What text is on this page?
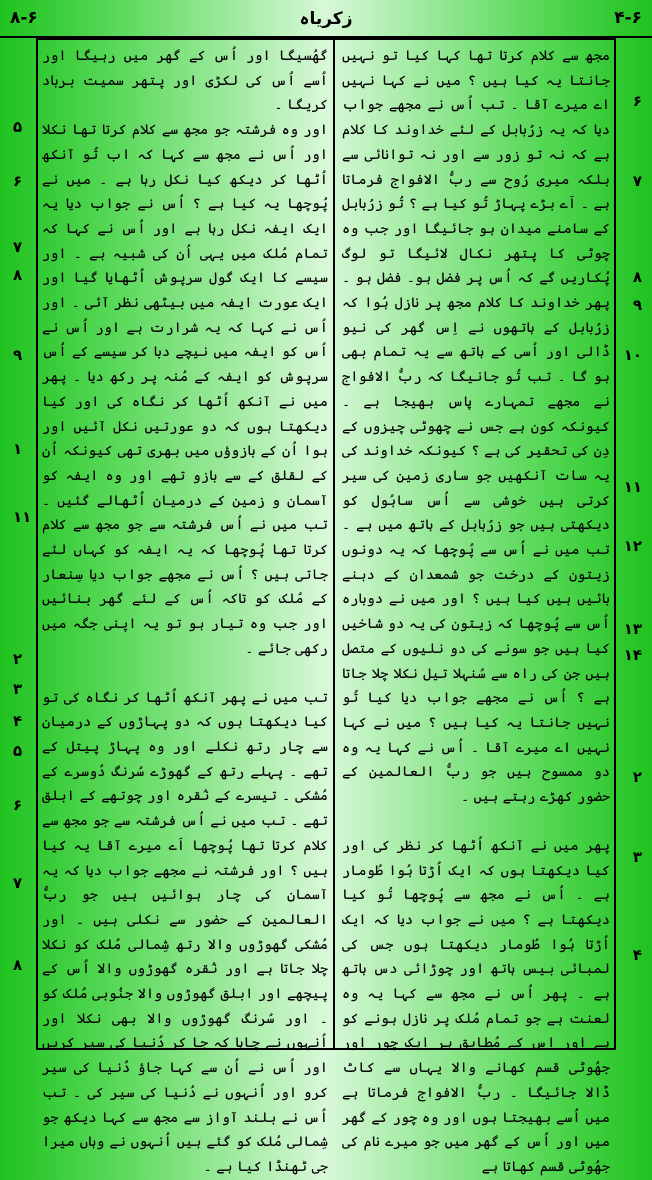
۸-۶	زکریاہ	۴-۶

مجھ سے کلام کرتا تھا کہا کیا تو نہیں جانتا یہ کیا ہیں ؟ میں نے کہا نہیں اے میرے آقا ۔ تب اُس نے مجھے جواب دیا کہ یہ زرُبابل کے لئے خداوند کا کلام ہے کہ نہ تو زور سے اور نہ توانائی سے بلکہ میری رُوح سے ربُّ الافواج فرماتا ہے ۔ اَے بڑے پہاڑ تُو کیا ہے ؟ تُو زرُبابل کے سامنے میدان ہو جائیگا اور جب وہ چوٹی کا پتھر نکال لائیگا تو لوگ پُکاریں گے کہ اُس پر فضل ہو۔ فضل ہو ۔ پھر خداوند کا کلام مجھ پر نازل ہُوا کہ زرُبابل کے ہاتھوں نے اِس گھر کی نیو ڈالی اور اُسی کے ہاتھ سے یہ تمام بھی ہو گا ۔ تب تُو جانیگا کہ ربُّ الافواج نے مجھے تمہارے پاس بھیجا ہے ۔ کیونکہ کون ہے جس نے چھوٹی چیزوں کے دِن کی تحقیر کی ہے ؟ کیونکہ خداوند کی یہ سات آنکھیں جو ساری زمین کی سیر کرتی ہیں خوشی سے اُس ساہُول کو دیکھتی ہیں جو زرُبابل کے ہاتھ میں ہے ۔ تب میں نے اُس سے پُوچھا کہ یہ دونوں زیتون کے درخت جو شمعدان کے دہنے بائیں ہیں کیا ہیں ؟ اور میں نے دوبارہ اُس سے پُوچھا کہ زیتون کی یہ دو شاخیں کیا ہیں جو سونے کی دو نلیوں کے متصل ہیں جن کی راہ سے سُنہلا تیل نکلا چلا جاتا ہے ؟ اُس نے مجھے جواب دیا کیا تُو نہیں جانتا یہ کیا ہیں ؟ میں نے کہا نہیں اے میرے آقا ۔ اُس نے کہا یہ وہ دو ممسوح ہیں جو ربُّ العالمین کے حضور کھڑے رہتے ہیں ۔

پھر میں نے آنکھ اُٹھا کر نظر کی اور کیا دیکھتا ہوں کہ ایک اُڑتا ہُوا طُومار ہے ۔ اُس نے مجھ سے پُوچھا تُو کیا دیکھتا ہے ؟ میں نے جواب دیا کہ ایک اُڑتا ہُوا طُومار دیکھتا ہوں جس کی لمبائی بیس ہاتھ اور چوڑائی دس ہاتھ ہے ۔ پھر اُس نے مجھ سے کہا یہ وہ لعنت ہے جو تمام مُلک پر نازل ہونے کو ہے اور اِس کے مُطابق ہر ایک چور اور جھُوٹی قسم کھانے والا یہاں سے کاٹ ڈالا جائیگا ۔ ربُّ الافواج فرماتا ہے میں اُسے بھیجتا ہوں اور وہ چور کے گھر میں اور اُس کے گھر میں جو میرے نام کی جھُوٹی قسم کھاتا ہے

گھُسیگا اور اُس کے گھر میں رہیگا اور اُسے اُس کی لکڑی اور پتھر سمیت برباد کریگا ۔

اور وہ فرشتہ جو مجھ سے کلام کرتا تھا نکلا اور اُس نے مجھ سے کہا کہ اب تُو آنکھ اُٹھا کر دیکھ کیا نکل رہا ہے ۔ میں نے پُوچھا یہ کیا ہے ؟ اُس نے جواب دیا یہ ایک ایفہ نکل رہا ہے اور اُس نے کہا کہ تمام مُلک میں یہی اُن کی شبیہ ہے ۔ اور سیسے کا ایک گول سرپوش اُٹھایا گیا اور ایک عورت ایفہ میں بیٹھی نظر آئی ۔ اور اُس نے کہا کہ یہ شرارت ہے اور اُس نے اُس کو ایفہ میں نیچے دبا کر سیسے کے اُس سرپوش کو ایفہ کے مُنہ پر رکھ دیا ۔ پھر میں نے آنکھ اُٹھا کر نگاہ کی اور کیا دیکھتا ہوں کہ دو عورتیں نکل آئیں اور ہوا اُن کے بازوؤں میں بھری تھی کیونکہ اُن کے لقلق کے سے بازو تھے اور وہ ایفہ کو آسمان و زمین کے درمیان اُٹھالے گئیں ۔ تب میں نے اُس فرشتہ سے جو مجھ سے کلام کرتا تھا پُوچھا کہ یہ ایفہ کو کہاں لئے جاتی ہیں ؟ اُس نے مجھے جواب دیا سِنعار کے مُلک کو تاکہ اُس کے لئے گھر بنائیں اور جب وہ تیار ہو تو یہ اپنی جگہ میں رکھی جائے ۔

تب میں نے پھر آنکھ اُٹھا کر نگاہ کی تو کیا دیکھتا ہوں کہ دو پہاڑوں کے درمیان سے چار رتھ نکلے اور وہ پہاڑ پیتل کے تھے ۔ پہلے رتھ کے گھوڑے سُرنگ دُوسرے کے مُشکی ۔ تیسرے کے نُقرہ اور چوتھے کے ابلق تھے ۔ تب میں نے اُس فرشتہ سے جو مجھ سے کلام کرتا تھا پُوچھا اَے میرے آقا یہ کیا ہیں ؟ اور فرشتہ نے مجھے جواب دیا کہ یہ آسمان کی چار ہوائیں ہیں جو ربُّ العالمین کے حضور سے نکلی ہیں ۔ اور مُشکی گھوڑوں والا رتھ شِمالی مُلک کو نکلا چلا جاتا ہے اور نُقرہ گھوڑوں والا اُس کے پیچھے اور ابلق گھوڑوں والا جنُوبی مُلک کو ۔ اور سُرنگ گھوڑوں والا بھی نکلا اور اُنہوں نے چاہا کہ جا کر دُنیا کی سیر کریں اور اُس نے اُن سے کہا جاؤ دُنیا کی سیر کرو اور اُنہوں نے دُنیا کی سیر کی ۔ تب اُس نے بلند آواز سے مجھ سے کہا دیکھ جو شِمالی مُلک کو گئے ہیں اُنہوں نے وہاں میرا جی ٹھنڈا کیا ہے ۔

۶
۷
۸
۹
۱۰
۱۱
۱۲
۱۳
۱۴
۲
۳
۴
۵
۶
۷
۸
۹
۱
۱۱
۲
۳
۴
۵
۶
۷
۸
